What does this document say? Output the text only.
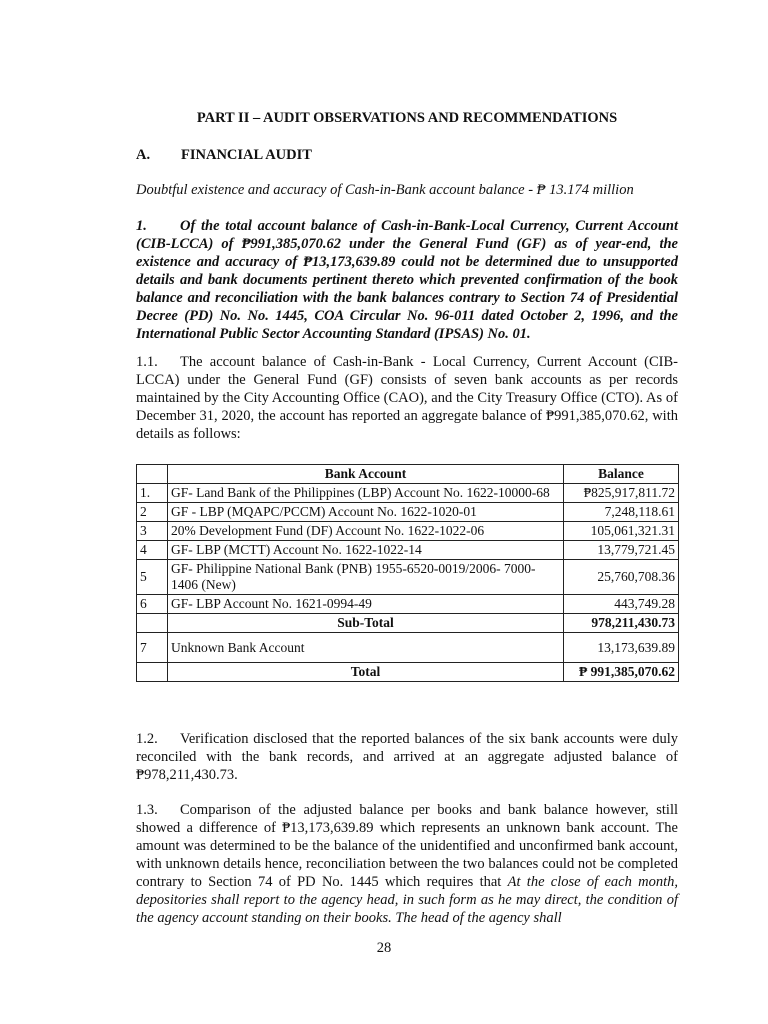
PART II – AUDIT OBSERVATIONS AND RECOMMENDATIONS
A. FINANCIAL AUDIT
Doubtful existence and accuracy of Cash-in-Bank account balance - ₱ 13.174 million
1. Of the total account balance of Cash-in-Bank-Local Currency, Current Account (CIB-LCCA) of ₱991,385,070.62 under the General Fund (GF) as of year-end, the existence and accuracy of ₱13,173,639.89 could not be determined due to unsupported details and bank documents pertinent thereto which prevented confirmation of the book balance and reconciliation with the bank balances contrary to Section 74 of Presidential Decree (PD) No. No. 1445, COA Circular No. 96-011 dated October 2, 1996, and the International Public Sector Accounting Standard (IPSAS) No. 01.
1.1. The account balance of Cash-in-Bank - Local Currency, Current Account (CIB-LCCA) under the General Fund (GF) consists of seven bank accounts as per records maintained by the City Accounting Office (CAO), and the City Treasury Office (CTO). As of December 31, 2020, the account has reported an aggregate balance of ₱991,385,070.62, with details as follows:
	Bank Account	Balance
1.	GF- Land Bank of the Philippines (LBP) Account No. 1622-10000-68	₱825,917,811.72
2	GF - LBP (MQAPC/PCCM) Account No. 1622-1020-01	7,248,118.61
3	20% Development Fund (DF) Account No. 1622-1022-06	105,061,321.31
4	GF- LBP (MCTT) Account No. 1622-1022-14	13,779,721.45
5	GF- Philippine National Bank (PNB) 1955-6520-0019/2006- 7000-1406 (New)	25,760,708.36
6	GF- LBP Account No. 1621-0994-49	443,749.28
	Sub-Total	978,211,430.73
7	Unknown Bank Account	13,173,639.89
	Total	₱ 991,385,070.62
1.2. Verification disclosed that the reported balances of the six bank accounts were duly reconciled with the bank records, and arrived at an aggregate adjusted balance of ₱978,211,430.73.
1.3. Comparison of the adjusted balance per books and bank balance however, still showed a difference of ₱13,173,639.89 which represents an unknown bank account. The amount was determined to be the balance of the unidentified and unconfirmed bank account, with unknown details hence, reconciliation between the two balances could not be completed contrary to Section 74 of PD No. 1445 which requires that At the close of each month, depositories shall report to the agency head, in such form as he may direct, the condition of the agency account standing on their books. The head of the agency shall
28
